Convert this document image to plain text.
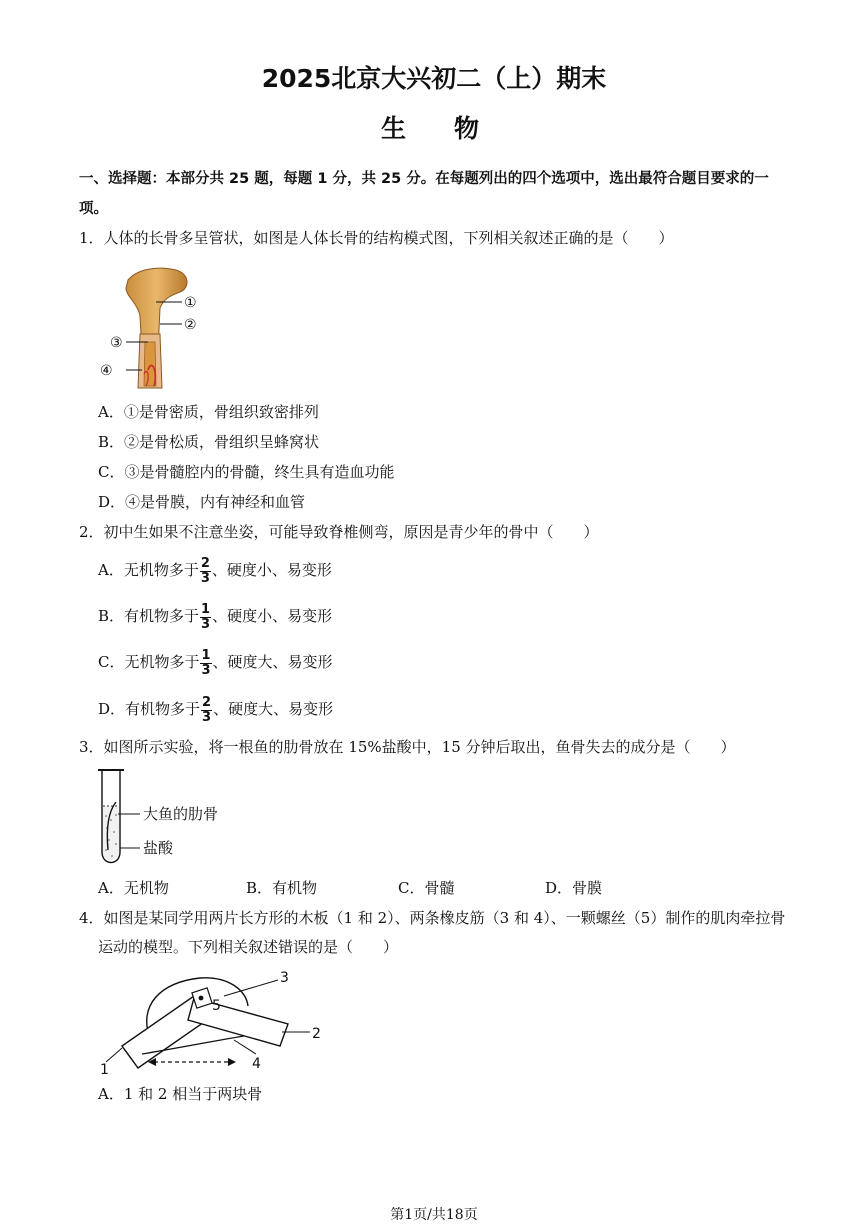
2025北京大兴初二（上）期末
生物
一、选择题：本部分共 25 题，每题 1 分，共 25 分。在每题列出的四个选项中，选出最符合题目要求的一
项。
1．人体的长骨多呈管状，如图是人体长骨的结构模式图，下列相关叙述正确的是（　　）
①
②
③
④
A．①是骨密质，骨组织致密排列
B．②是骨松质，骨组织呈蜂窝状
C．③是骨髓腔内的骨髓，终生具有造血功能
D．④是骨膜，内有神经和血管
2．初中生如果不注意坐姿，可能导致脊椎侧弯，原因是青少年的骨中（　　）
A．无机物多于 $\frac{2}{3}$ 、硬度小、易变形
B．有机物多于 $\frac{1}{3}$ 、硬度小、易变形
C．无机物多于 $\frac{1}{3}$ 、硬度大、易变形
D．有机物多于 $\frac{2}{3}$ 、硬度大、易变形
3．如图所示实验，将一根鱼的肋骨放在 15%盐酸中，15 分钟后取出，鱼骨失去的成分是（　　）
大鱼的肋骨
盐酸
A．无机物	B．有机物	C．骨髓	D．骨膜
4．如图是某同学用两片长方形的木板（1 和 2）、两条橡皮筋（3 和 4）、一颗螺丝（5）制作的肌肉牵拉骨
运动的模型。下列相关叙述错误的是（　　）
1
2
3
4
5
A．1 和 2 相当于两块骨
第1页/共18页
